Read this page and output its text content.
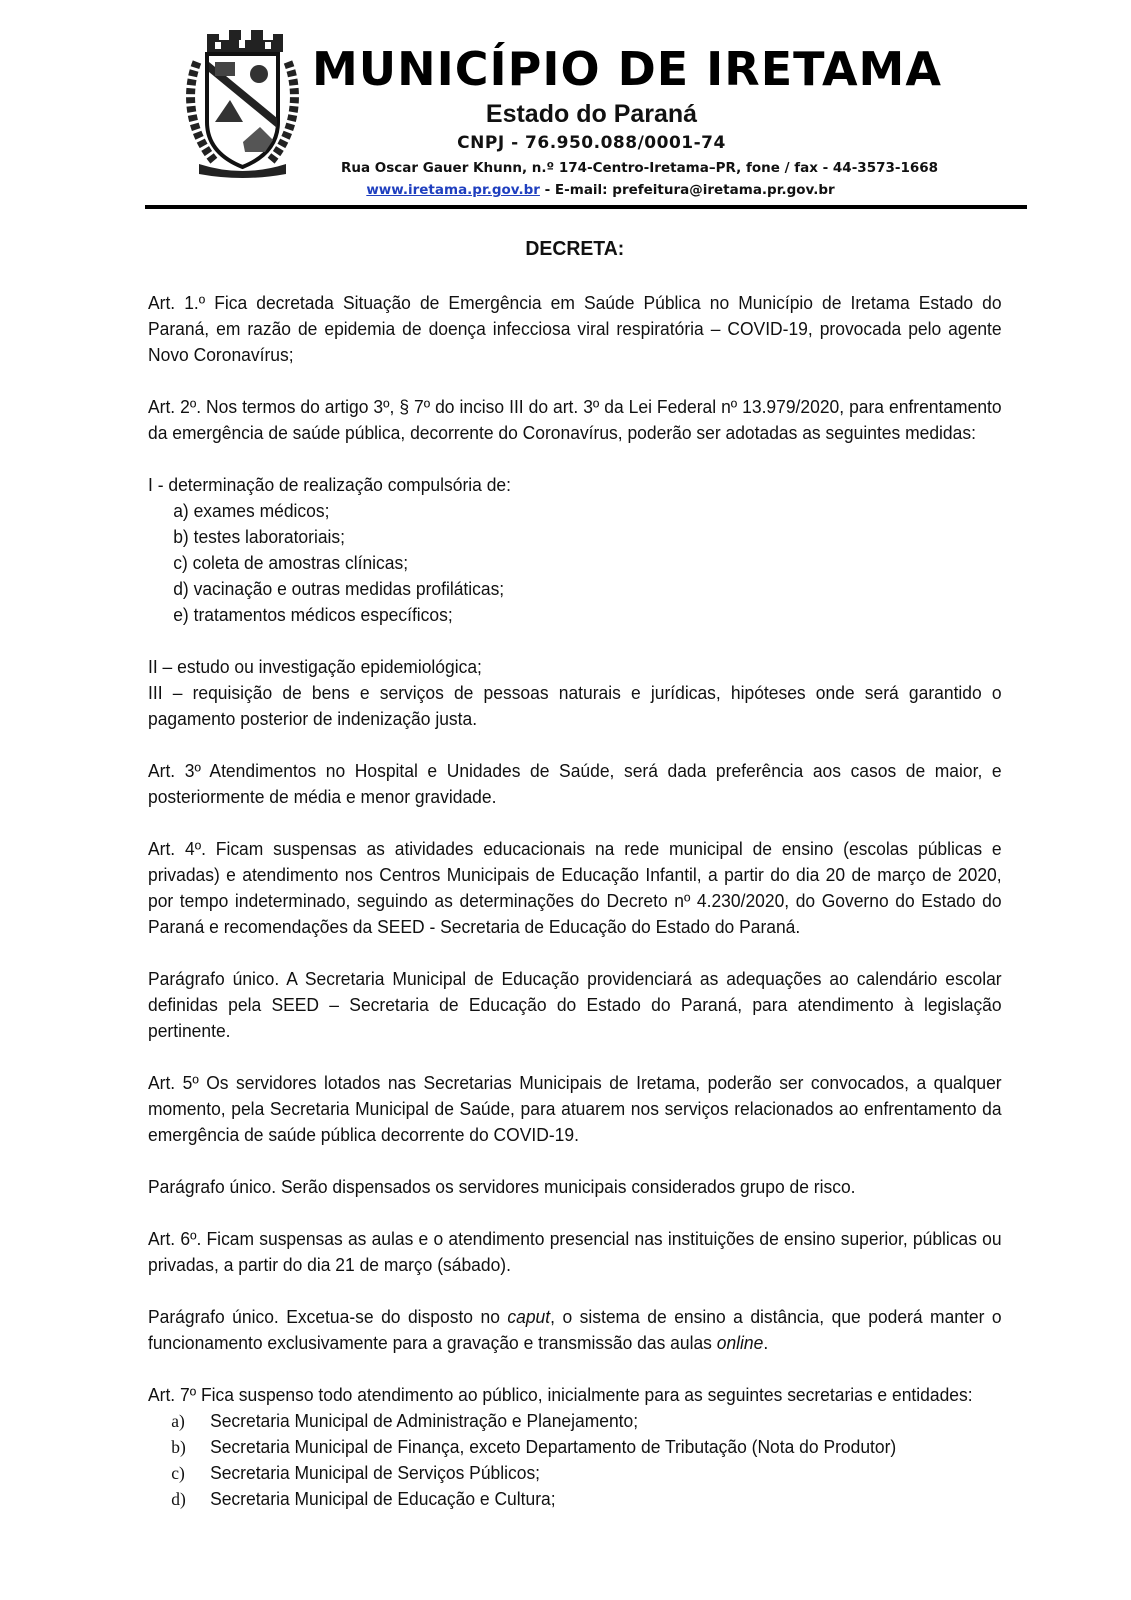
MUNICÍPIO DE IRETAMA
Estado do Paraná
CNPJ - 76.950.088/0001-74
Rua Oscar Gauer Khunn, n.º 174-Centro-Iretama–PR, fone / fax - 44-3573-1668
www.iretama.pr.gov.br - E-mail: prefeitura@iretama.pr.gov.br
DECRETA:

Art. 1.º Fica decretada Situação de Emergência em Saúde Pública no Município de Iretama Estado do Paraná, em razão de epidemia de doença infecciosa viral respiratória – COVID-19, provocada pelo agente Novo Coronavírus;

Art. 2º. Nos termos do artigo 3º, § 7º do inciso III do art. 3º da Lei Federal nº 13.979/2020, para enfrentamento da emergência de saúde pública, decorrente do Coronavírus, poderão ser adotadas as seguintes medidas:

I - determinação de realização compulsória de:
a) exames médicos;
b) testes laboratoriais;
c) coleta de amostras clínicas;
d) vacinação e outras medidas profiláticas;
e) tratamentos médicos específicos;

II – estudo ou investigação epidemiológica;

III – requisição de bens e serviços de pessoas naturais e jurídicas, hipóteses onde será garantido o pagamento posterior de indenização justa.

Art. 3º Atendimentos no Hospital e Unidades de Saúde, será dada preferência aos casos de maior, e posteriormente de média e menor gravidade.

Art. 4º. Ficam suspensas as atividades educacionais na rede municipal de ensino (escolas públicas e privadas) e atendimento nos Centros Municipais de Educação Infantil, a partir do dia 20 de março de 2020, por tempo indeterminado, seguindo as determinações do Decreto nº 4.230/2020, do Governo do Estado do Paraná e recomendações da SEED - Secretaria de Educação do Estado do Paraná.

Parágrafo único. A Secretaria Municipal de Educação providenciará as adequações ao calendário escolar definidas pela SEED – Secretaria de Educação do Estado do Paraná, para atendimento à legislação pertinente.

Art. 5º Os servidores lotados nas Secretarias Municipais de Iretama, poderão ser convocados, a qualquer momento, pela Secretaria Municipal de Saúde, para atuarem nos serviços relacionados ao enfrentamento da emergência de saúde pública decorrente do COVID-19.

Parágrafo único. Serão dispensados os servidores municipais considerados grupo de risco.

Art. 6º. Ficam suspensas as aulas e o atendimento presencial nas instituições de ensino superior, públicas ou privadas, a partir do dia 21 de março (sábado).

Parágrafo único. Excetua-se do disposto no caput, o sistema de ensino a distância, que poderá manter o funcionamento exclusivamente para a gravação e transmissão das aulas online.

Art. 7º Fica suspenso todo atendimento ao público, inicialmente para as seguintes secretarias e entidades:
a) Secretaria Municipal de Administração e Planejamento;
b) Secretaria Municipal de Finança, exceto Departamento de Tributação (Nota do Produtor)
c) Secretaria Municipal de Serviços Públicos;
d) Secretaria Municipal de Educação e Cultura;
